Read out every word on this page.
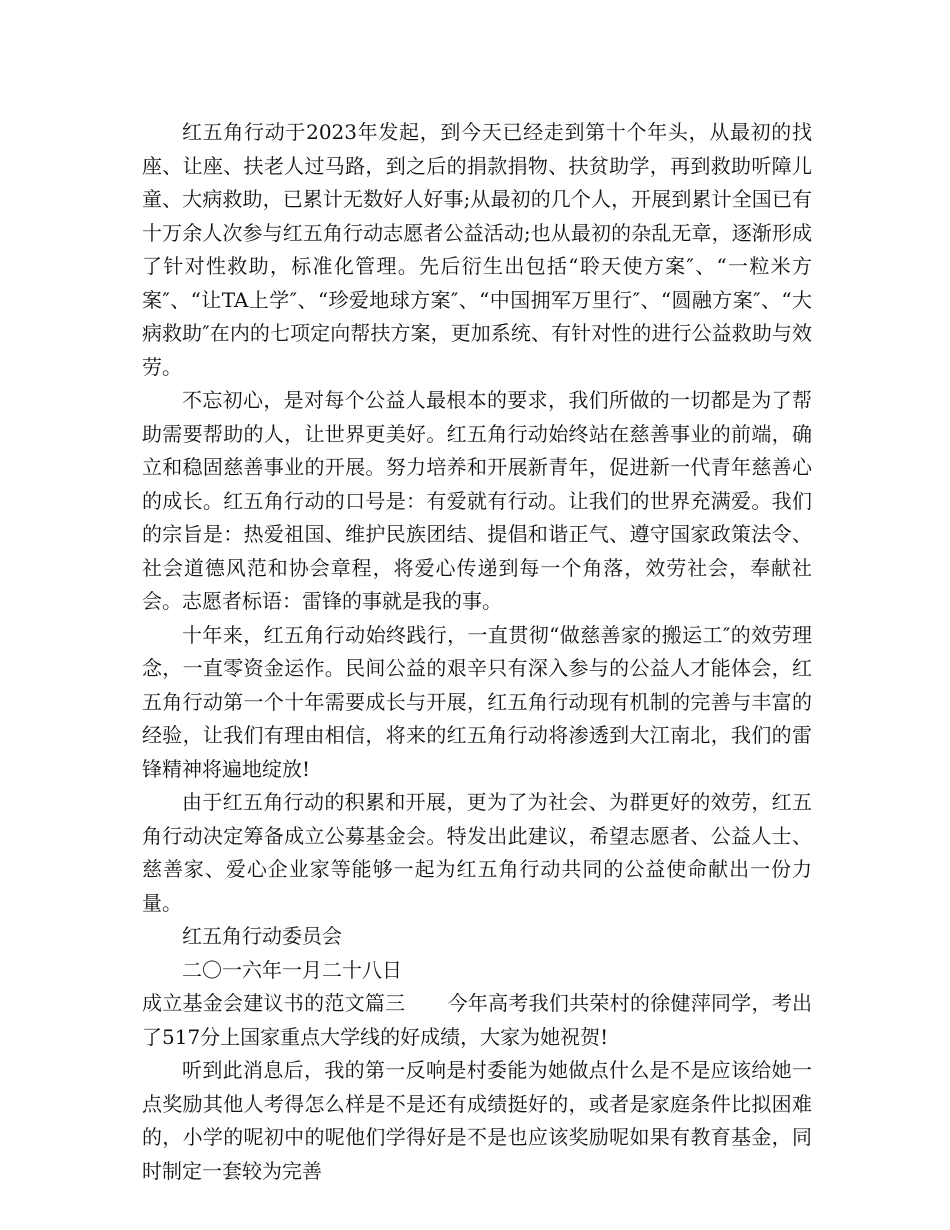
红五角行动于2023年发起，到今天已经走到第十个年头，从最初的找座、让座、扶老人过马路，到之后的捐款捐物、扶贫助学，再到救助听障儿童、大病救助，已累计无数好人好事;从最初的几个人，开展到累计全国已有十万余人次参与红五角行动志愿者公益活动;也从最初的杂乱无章，逐渐形成了针对性救助，标准化管理。先后衍生出包括“聆天使方案″、“一粒米方案″、“让TA上学″、“珍爱地球方案″、“中国拥军万里行″、“圆融方案″、“大病救助″在内的七项定向帮扶方案，更加系统、有针对性的进行公益救助与效劳。

不忘初心，是对每个公益人最根本的要求，我们所做的一切都是为了帮助需要帮助的人，让世界更美好。红五角行动始终站在慈善事业的前端，确立和稳固慈善事业的开展。努力培养和开展新青年，促进新一代青年慈善心的成长。红五角行动的口号是：有爱就有行动。让我们的世界充满爱。我们的宗旨是：热爱祖国、维护民族团结、提倡和谐正气、遵守国家政策法令、社会道德风范和协会章程，将爱心传递到每一个角落，效劳社会，奉献社会。志愿者标语：雷锋的事就是我的事。

十年来，红五角行动始终践行，一直贯彻“做慈善家的搬运工″的效劳理念，一直零资金运作。民间公益的艰辛只有深入参与的公益人才能体会，红五角行动第一个十年需要成长与开展，红五角行动现有机制的完善与丰富的经验，让我们有理由相信，将来的红五角行动将渗透到大江南北，我们的雷锋精神将遍地绽放!

由于红五角行动的积累和开展，更为了为社会、为群更好的效劳，红五角行动决定筹备成立公募基金会。特发出此建议，希望志愿者、公益人士、慈善家、爱心企业家等能够一起为红五角行动共同的公益使命献出一份力量。

红五角行动委员会

二〇一六年一月二十八日

成立基金会建议书的范文篇三 今年高考我们共荣村的徐健萍同学，考出了517分上国家重点大学线的好成绩，大家为她祝贺!

听到此消息后，我的第一反响是村委能为她做点什么是不是应该给她一点奖励其他人考得怎么样是不是还有成绩挺好的，或者是家庭条件比拟困难的，小学的呢初中的呢他们学得好是不是也应该奖励呢如果有教育基金，同时制定一套较为完善
